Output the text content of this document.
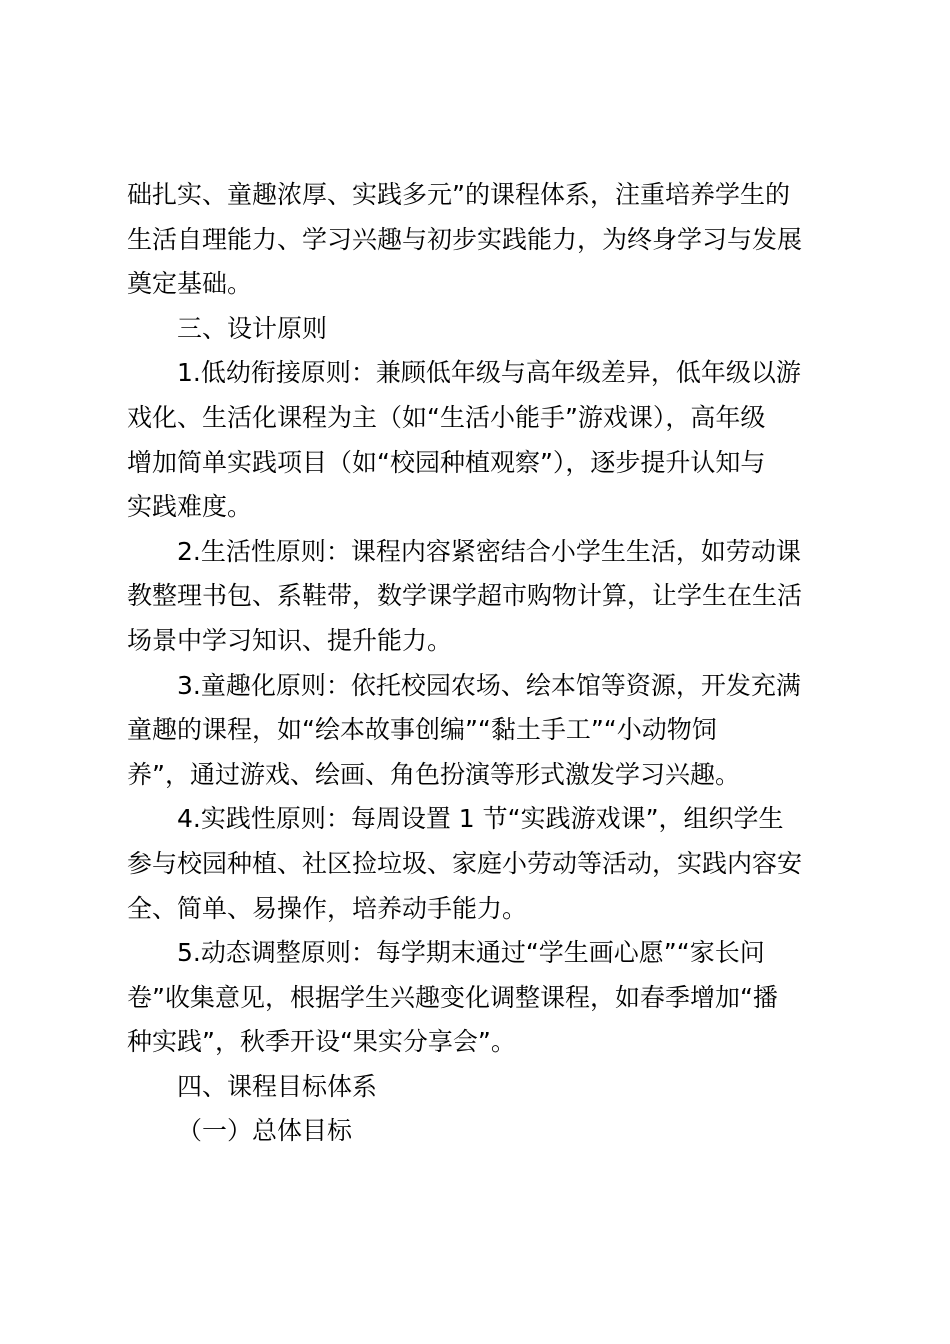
础扎实、童趣浓厚、实践多元”的课程体系，注重培养学生的
生活自理能力、学习兴趣与初步实践能力，为终身学习与发展
奠定基础。
三、设计原则
1.低幼衔接原则：兼顾低年级与高年级差异，低年级以游
戏化、生活化课程为主（如“生活小能手”游戏课），高年级
增加简单实践项目（如“校园种植观察”），逐步提升认知与
实践难度。
2.生活性原则：课程内容紧密结合小学生生活，如劳动课
教整理书包、系鞋带，数学课学超市购物计算，让学生在生活
场景中学习知识、提升能力。
3.童趣化原则：依托校园农场、绘本馆等资源，开发充满
童趣的课程，如“绘本故事创编”“黏土手工”“小动物饲
养”，通过游戏、绘画、角色扮演等形式激发学习兴趣。
4.实践性原则：每周设置 1 节“实践游戏课”，组织学生
参与校园种植、社区捡垃圾、家庭小劳动等活动，实践内容安
全、简单、易操作，培养动手能力。
5.动态调整原则：每学期末通过“学生画心愿”“家长问
卷”收集意见，根据学生兴趣变化调整课程，如春季增加“播
种实践”，秋季开设“果实分享会”。
四、课程目标体系
（一）总体目标
